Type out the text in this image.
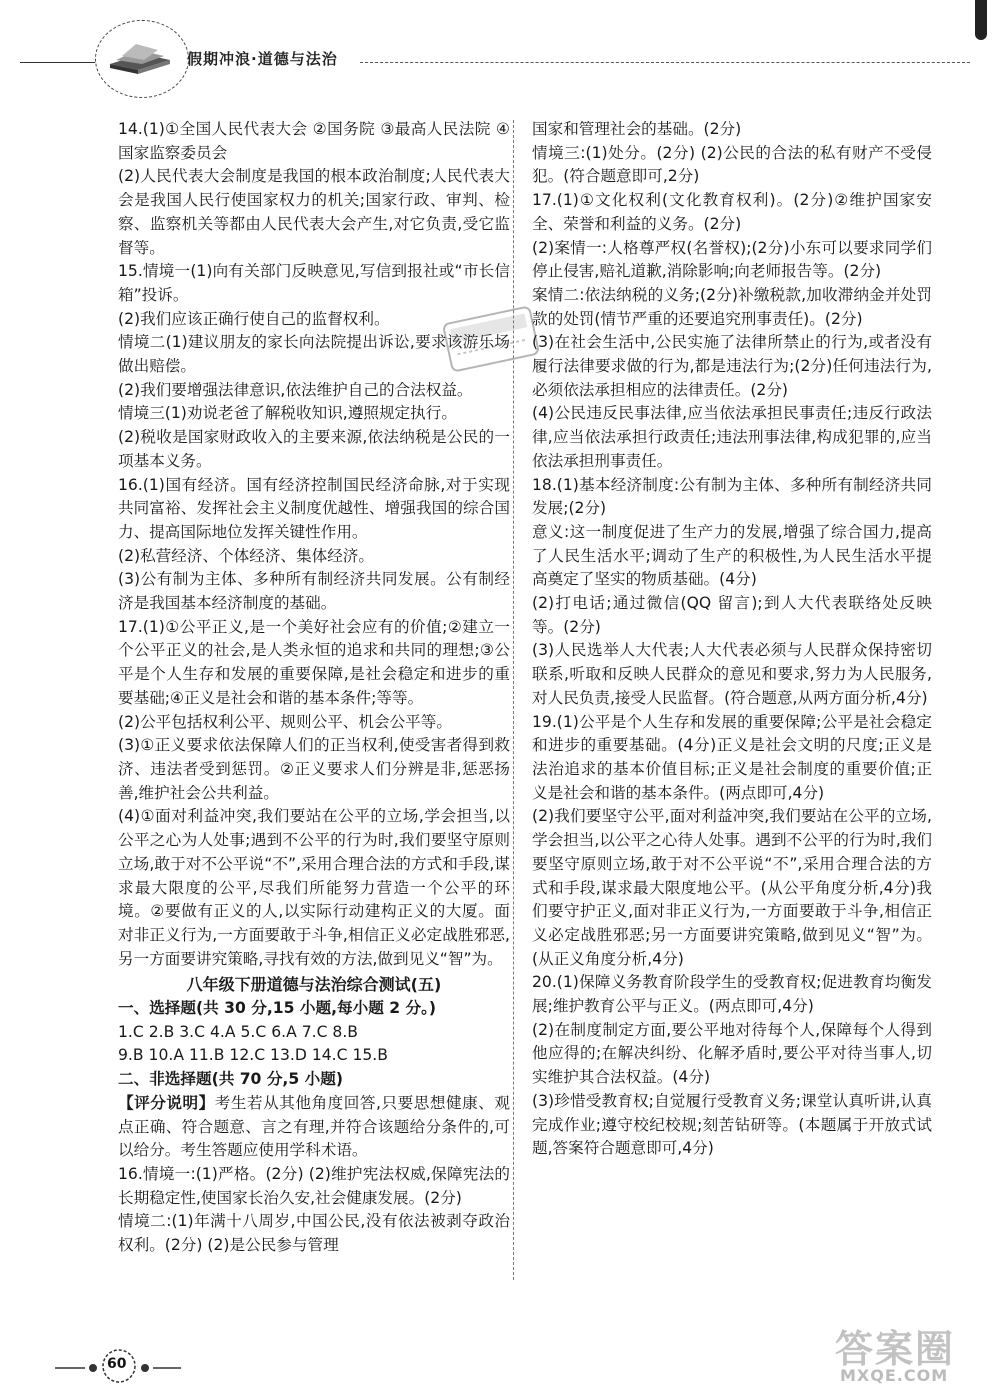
假期冲浪·道德与法治

14.(1)①全国人民代表大会 ②国务院 ③最高人民法院 ④国家监察委员会

(2)人民代表大会制度是我国的根本政治制度;人民代表大会是我国人民行使国家权力的机关;国家行政、审判、检察、监察机关等都由人民代表大会产生,对它负责,受它监督等。

15.情境一(1)向有关部门反映意见,写信到报社或“市长信箱”投诉。

(2)我们应该正确行使自己的监督权利。

情境二(1)建议朋友的家长向法院提出诉讼,要求该游乐场做出赔偿。

(2)我们要增强法律意识,依法维护自己的合法权益。

情境三(1)劝说老爸了解税收知识,遵照规定执行。

(2)税收是国家财政收入的主要来源,依法纳税是公民的一项基本义务。

16.(1)国有经济。国有经济控制国民经济命脉,对于实现共同富裕、发挥社会主义制度优越性、增强我国的综合国力、提高国际地位发挥关键性作用。

(2)私营经济、个体经济、集体经济。

(3)公有制为主体、多种所有制经济共同发展。公有制经济是我国基本经济制度的基础。

17.(1)①公平正义,是一个美好社会应有的价值;②建立一个公平正义的社会,是人类永恒的追求和共同的理想;③公平是个人生存和发展的重要保障,是社会稳定和进步的重要基础;④正义是社会和谐的基本条件;等等。

(2)公平包括权利公平、规则公平、机会公平等。

(3)①正义要求依法保障人们的正当权利,使受害者得到救济、违法者受到惩罚。②正义要求人们分辨是非,惩恶扬善,维护社会公共利益。

(4)①面对利益冲突,我们要站在公平的立场,学会担当,以公平之心为人处事;遇到不公平的行为时,我们要坚守原则立场,敢于对不公平说“不”,采用合理合法的方式和手段,谋求最大限度的公平,尽我们所能努力营造一个公平的环境。②要做有正义的人,以实际行动建构正义的大厦。面对非正义行为,一方面要敢于斗争,相信正义必定战胜邪恶,另一方面要讲究策略,寻找有效的方法,做到见义“智”为。

八年级下册道德与法治综合测试(五)

一、选择题(共 30 分,15 小题,每小题 2 分。)

1.C 2.B 3.C 4.A 5.C 6.A 7.C 8.B

9.B 10.A 11.B 12.C 13.D 14.C 15.B

二、非选择题(共 70 分,5 小题)

【评分说明】考生若从其他角度回答,只要思想健康、观点正确、符合题意、言之有理,并符合该题给分条件的,可以给分。考生答题应使用学科术语。

16.情境一:(1)严格。(2分) (2)维护宪法权威,保障宪法的长期稳定性,使国家长治久安,社会健康发展。(2分)

情境二:(1)年满十八周岁,中国公民,没有依法被剥夺政治权利。(2分) (2)是公民参与管理

国家和管理社会的基础。(2分)

情境三:(1)处分。(2分) (2)公民的合法的私有财产不受侵犯。(符合题意即可,2分)

17.(1)①文化权利(文化教育权利)。(2分)②维护国家安全、荣誉和利益的义务。(2分)

(2)案情一:人格尊严权(名誉权);(2分)小东可以要求同学们停止侵害,赔礼道歉,消除影响;向老师报告等。(2分)

案情二:依法纳税的义务;(2分)补缴税款,加收滞纳金并处罚款的处罚(情节严重的还要追究刑事责任)。(2分)

(3)在社会生活中,公民实施了法律所禁止的行为,或者没有履行法律要求做的行为,都是违法行为;(2分)任何违法行为,必须依法承担相应的法律责任。(2分)

(4)公民违反民事法律,应当依法承担民事责任;违反行政法律,应当依法承担行政责任;违法刑事法律,构成犯罪的,应当依法承担刑事责任。

18.(1)基本经济制度:公有制为主体、多种所有制经济共同发展;(2分)

意义:这一制度促进了生产力的发展,增强了综合国力,提高了人民生活水平;调动了生产的积极性,为人民生活水平提高奠定了坚实的物质基础。(4分)

(2)打电话;通过微信(QQ 留言);到人大代表联络处反映等。(2分)

(3)人民选举人大代表;人大代表必须与人民群众保持密切联系,听取和反映人民群众的意见和要求,努力为人民服务,对人民负责,接受人民监督。(符合题意,从两方面分析,4分)

19.(1)公平是个人生存和发展的重要保障;公平是社会稳定和进步的重要基础。(4分)正义是社会文明的尺度;正义是法治追求的基本价值目标;正义是社会制度的重要价值;正义是社会和谐的基本条件。(两点即可,4分)

(2)我们要坚守公平,面对利益冲突,我们要站在公平的立场,学会担当,以公平之心待人处事。遇到不公平的行为时,我们要坚守原则立场,敢于对不公平说“不”,采用合理合法的方式和手段,谋求最大限度地公平。(从公平角度分析,4分)我们要守护正义,面对非正义行为,一方面要敢于斗争,相信正义必定战胜邪恶;另一方面要讲究策略,做到见义“智”为。(从正义角度分析,4分)

20.(1)保障义务教育阶段学生的受教育权;促进教育均衡发展;维护教育公平与正义。(两点即可,4分)

(2)在制度制定方面,要公平地对待每个人,保障每个人得到他应得的;在解决纠纷、化解矛盾时,要公平对待当事人,切实维护其合法权益。(4分)

(3)珍惜受教育权;自觉履行受教育义务;课堂认真听讲,认真完成作业;遵守校纪校规;刻苦钻研等。(本题属于开放式试题,答案符合题意即可,4分)

60	答案圈
MXQE.COM
